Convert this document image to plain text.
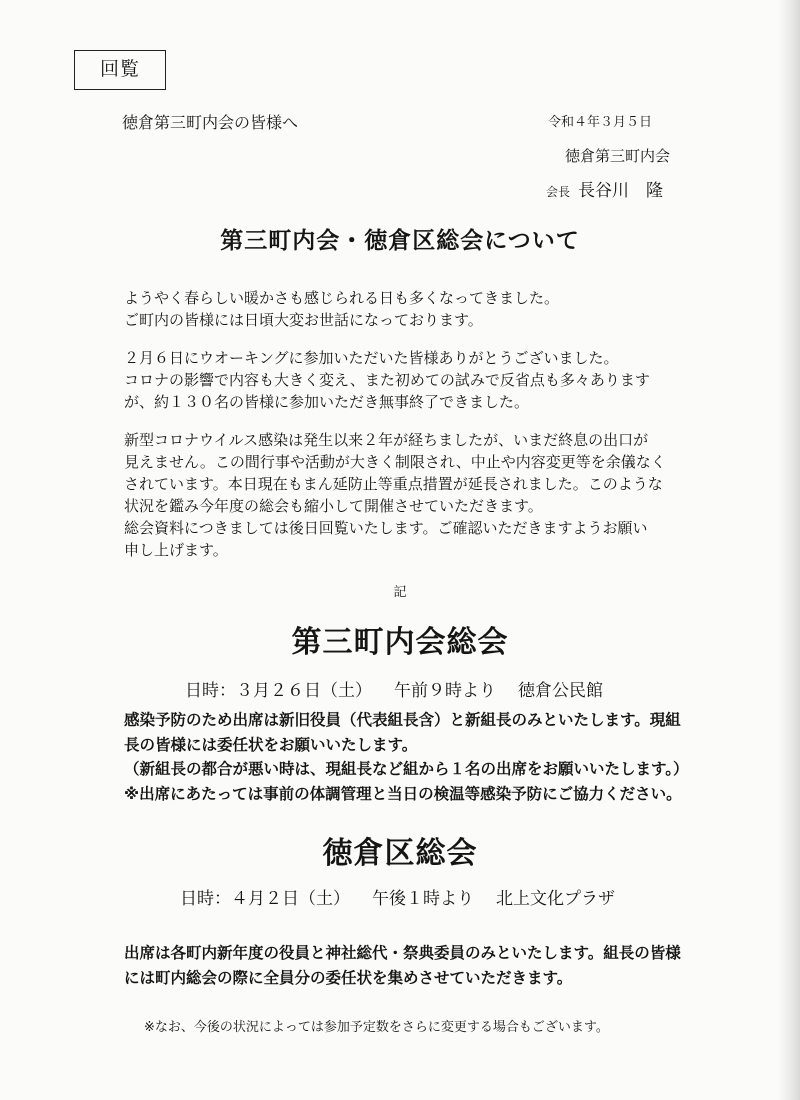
回覧
徳倉第三町内会の皆様へ	令和４年３月５日
徳倉第三町内会
会長 長谷川　隆
第三町内会・徳倉区総会について
ようやく春らしい暖かさも感じられる日も多くなってきました。
ご町内の皆様には日頃大変お世話になっております。
２月６日にウオーキングに参加いただいた皆様ありがとうございました。
コロナの影響で内容も大きく変え、また初めての試みで反省点も多々あります
が、約１３０名の皆様に参加いただき無事終了できました。
新型コロナウイルス感染は発生以来２年が経ちましたが、いまだ終息の出口が
見えません。この間行事や活動が大きく制限され、中止や内容変更等を余儀なく
されています。本日現在もまん延防止等重点措置が延長されました。このような
状況を鑑み今年度の総会も縮小して開催させていただきます。
総会資料につきましては後日回覧いたします。ご確認いただきますようお願い
申し上げます。
記
第三町内会総会
日時：３月２６日（土） 午前９時より 徳倉公民館
感染予防のため出席は新旧役員（代表組長含）と新組長のみといたします。現組
長の皆様には委任状をお願いいたします。
（新組長の都合が悪い時は、現組長など組から１名の出席をお願いいたします。）
※出席にあたっては事前の体調管理と当日の検温等感染予防にご協力ください。
徳倉区総会
日時：４月２日（土） 午後１時より 北上文化プラザ
出席は各町内新年度の役員と神社総代・祭典委員のみといたします。組長の皆様
には町内総会の際に全員分の委任状を集めさせていただきます。
※なお、今後の状況によっては参加予定数をさらに変更する場合もございます。
